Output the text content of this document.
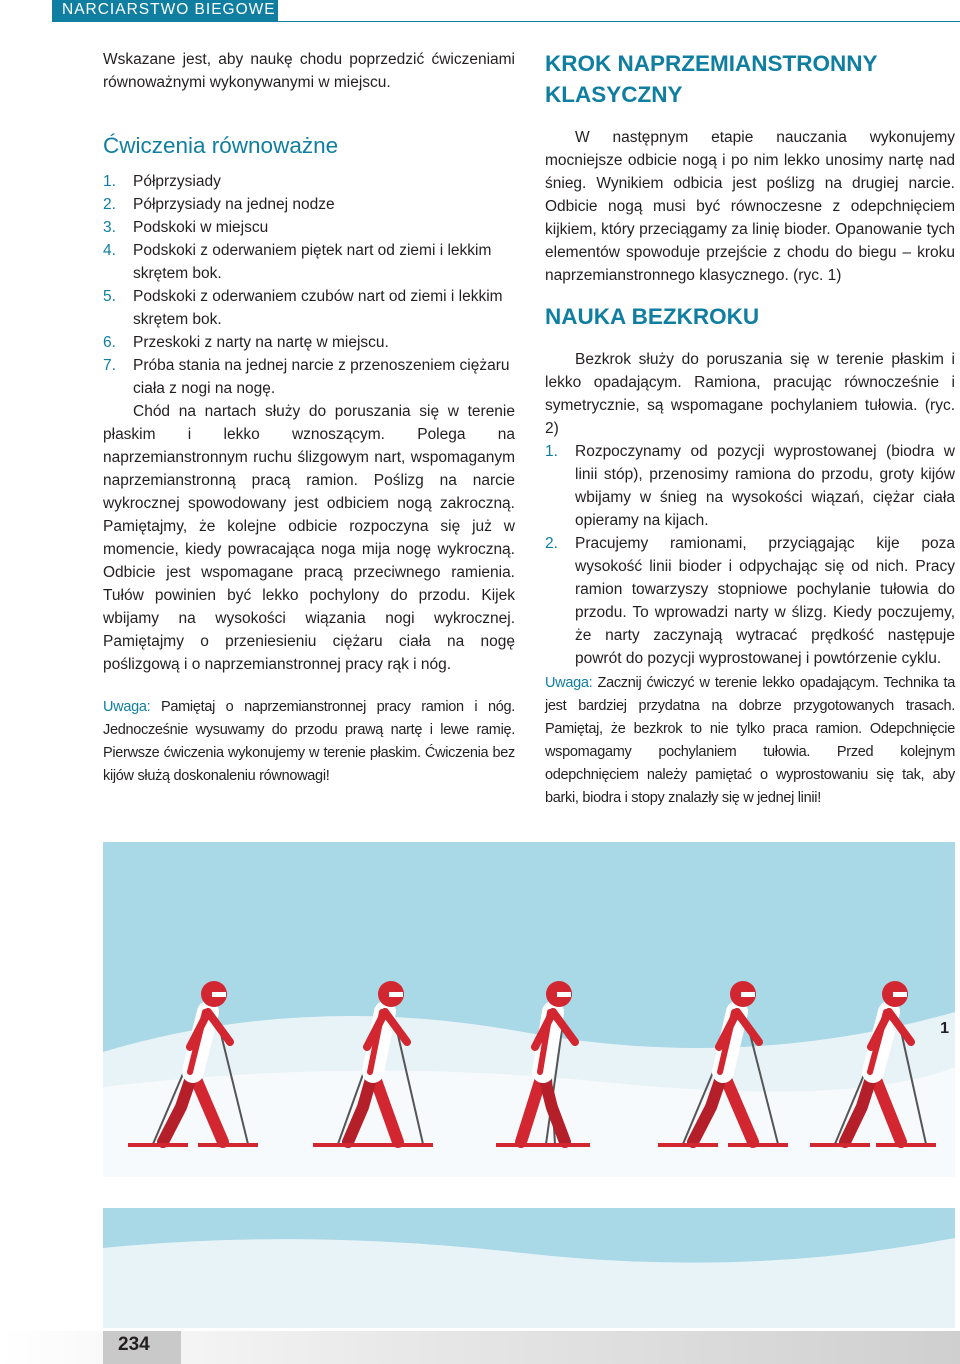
NARCIARSTWO BIEGOWE

Wskazane jest, aby naukę chodu poprzedzić ćwiczeniami równoważnymi wykonywanymi w miejscu.

Ćwiczenia równoważne
1. Półprzysiady
2. Półprzysiady na jednej nodze
3. Podskoki w miejscu
4. Podskoki z oderwaniem piętek nart od ziemi i lekkim skrętem bok.
5. Podskoki z oderwaniem czubów nart od ziemi i lekkim skrętem bok.
6. Przeskoki z narty na nartę w miejscu.
7. Próba stania na jednej narcie z przenoszeniem ciężaru ciała z nogi na nogę.

Chód na nartach służy do poruszania się w terenie płaskim i lekko wznoszącym. Polega na naprzemianstronnym ruchu ślizgowym nart, wspomaganym naprzemianstronną pracą ramion. Poślizg na narcie wykrocznej spowodowany jest odbiciem nogą zakroczną. Pamiętajmy, że kolejne odbicie rozpoczyna się już w momencie, kiedy powracająca noga mija nogę wykroczną. Odbicie jest wspomagane pracą przeciwnego ramienia. Tułów powinien być lekko pochylony do przodu. Kijek wbijamy na wysokości wiązania nogi wykrocznej. Pamiętajmy o przeniesieniu ciężaru ciała na nogę poślizgową i o naprzemianstronnej pracy rąk i nóg.

Uwaga: Pamiętaj o naprzemianstronnej pracy ramion i nóg. Jednocześnie wysuwamy do przodu prawą nartę i lewe ramię. Pierwsze ćwiczenia wykonujemy w terenie płaskim. Ćwiczenia bez kijów służą doskonaleniu równowagi!

KROK NAPRZEMIANSTRONNY
KLASYCZNY

W następnym etapie nauczania wykonujemy mocniejsze odbicie nogą i po nim lekko unosimy nartę nad śnieg. Wynikiem odbicia jest poślizg na drugiej narcie. Odbicie nogą musi być równoczesne z odepchnięciem kijkiem, który przeciągamy za linię bioder. Opanowanie tych elementów spowoduje przejście z chodu do biegu – kroku naprzemianstronnego klasycznego. (ryc. 1)

NAUKA BEZKROKU

Bezkrok służy do poruszania się w terenie płaskim i lekko opadającym. Ramiona, pracując równocześnie i symetrycznie, są wspomagane pochylaniem tułowia. (ryc. 2)

1. Rozpoczynamy od pozycji wyprostowanej (biodra w linii stóp), przenosimy ramiona do przodu, groty kijów wbijamy w śnieg na wysokości wiązań, ciężar ciała opieramy na kijach.
2. Pracujemy ramionami, przyciągając kije poza wysokość linii bioder i odpychając się od nich. Pracy ramion towarzyszy stopniowe pochylanie tułowia do przodu. To wprowadzi narty w ślizg. Kiedy poczujemy, że narty zaczynają wytracać prędkość następuje powrót do pozycji wyprostowanej i powtórzenie cyklu.

Uwaga: Zacznij ćwiczyć w terenie lekko opadającym. Technika ta jest bardziej przydatna na dobrze przygotowanych trasach. Pamiętaj, że bezkrok to nie tylko praca ramion. Odepchnięcie wspomagamy pochylaniem tułowia. Przed kolejnym odepchnięciem należy pamiętać o wyprostowaniu się tak, aby barki, biodra i stopy znalazły się w jednej linii!

1
234
